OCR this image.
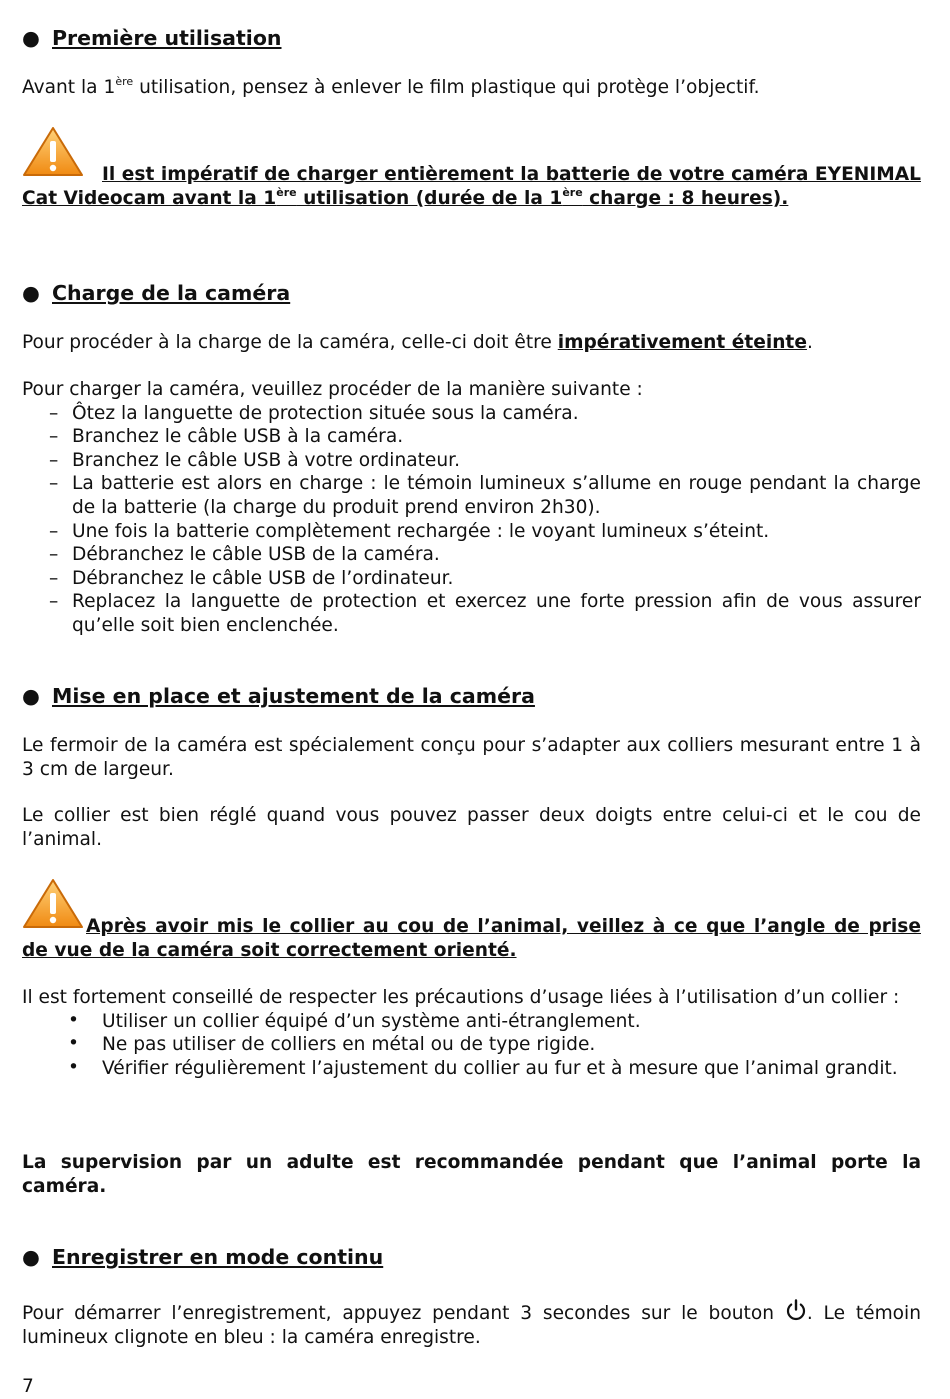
● Première utilisation
Avant la 1ère utilisation, pensez à enlever le film plastique qui protège l’objectif.
Il est impératif de charger entièrement la batterie de votre caméra EYENIMAL Cat Videocam avant la 1ère utilisation (durée de la 1ère charge : 8 heures).
● Charge de la caméra
Pour procéder à la charge de la caméra, celle-ci doit être impérativement éteinte.
Pour charger la caméra, veuillez procéder de la manière suivante :
– Ôtez la languette de protection située sous la caméra.
– Branchez le câble USB à la caméra.
– Branchez le câble USB à votre ordinateur.
– La batterie est alors en charge : le témoin lumineux s’allume en rouge pendant la charge de la batterie (la charge du produit prend environ 2h30).
– Une fois la batterie complètement rechargée : le voyant lumineux s’éteint.
– Débranchez le câble USB de la caméra.
– Débranchez le câble USB de l’ordinateur.
– Replacez la languette de protection et exercez une forte pression afin de vous assurer qu’elle soit bien enclenchée.
● Mise en place et ajustement de la caméra
Le fermoir de la caméra est spécialement conçu pour s’adapter aux colliers mesurant entre 1 à 3 cm de largeur.
Le collier est bien réglé quand vous pouvez passer deux doigts entre celui-ci et le cou de l’animal.
Après avoir mis le collier au cou de l’animal, veillez à ce que l’angle de prise de vue de la caméra soit correctement orienté.
Il est fortement conseillé de respecter les précautions d’usage liées à l’utilisation d’un collier :
• Utiliser un collier équipé d’un système anti-étranglement.
• Ne pas utiliser de colliers en métal ou de type rigide.
• Vérifier régulièrement l’ajustement du collier au fur et à mesure que l’animal grandit.
La supervision par un adulte est recommandée pendant que l’animal porte la caméra.
● Enregistrer en mode continu
Pour démarrer l’enregistrement, appuyez pendant 3 secondes sur le bouton . Le témoin lumineux clignote en bleu : la caméra enregistre.
7
